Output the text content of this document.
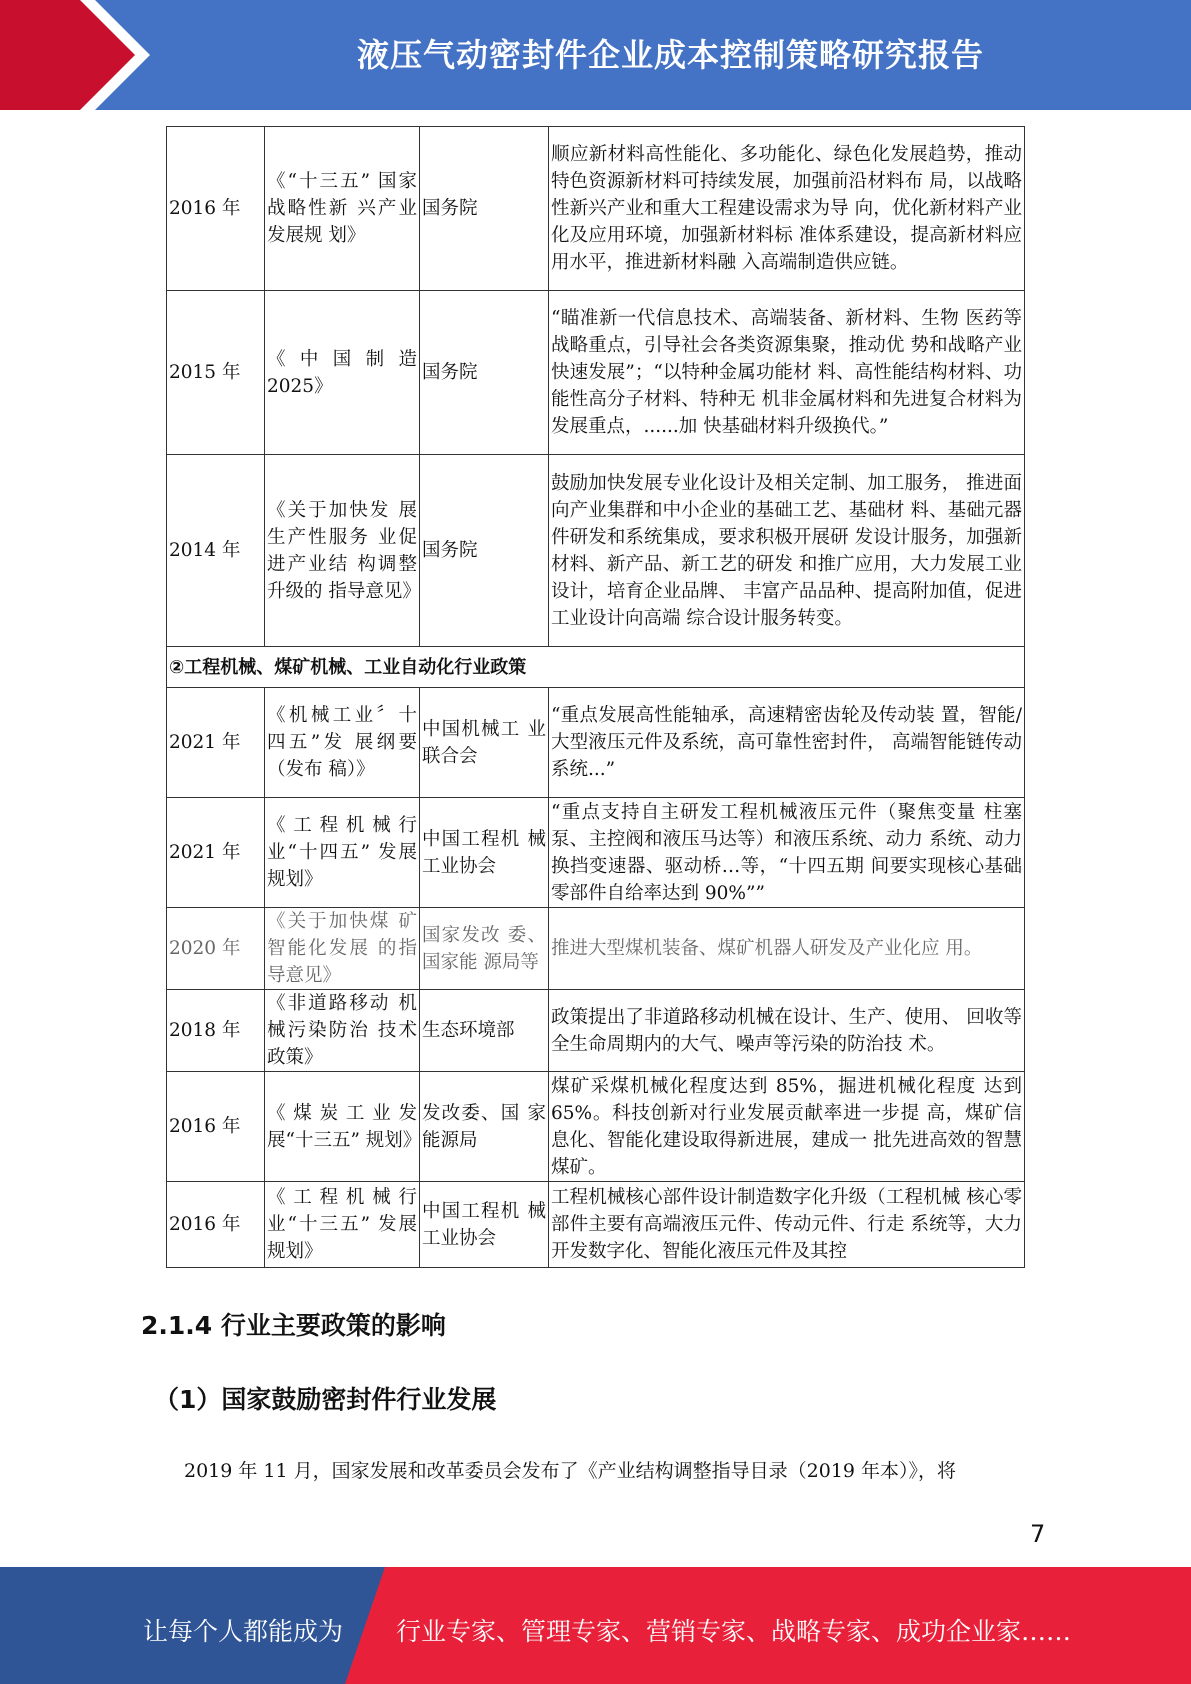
液压气动密封件企业成本控制策略研究报告
2016 年	《“十三五” 国家战略性新 兴产业发展规 划》	国务院	顺应新材料高性能化、多功能化、绿色化发展趋势，推动特色资源新材料可持续发展，加强前沿材料布 局，以战略性新兴产业和重大工程建设需求为导 向，优化新材料产业化及应用环境，加强新材料标 准体系建设，提高新材料应用水平，推进新材料融 入高端制造供应链。
2015 年	《中国制造 2025》	国务院	“瞄准新一代信息技术、高端装备、新材料、生物 医药等战略重点，引导社会各类资源集聚，推动优 势和战略产业快速发展”；“以特种金属功能材 料、高性能结构材料、功能性高分子材料、特种无 机非金属材料和先进复合材料为发展重点，......加 快基础材料升级换代。”
2014 年	《关于加快发 展生产性服务 业促进产业结 构调整升级的 指导意见》	国务院	鼓励加快发展专业化设计及相关定制、加工服务， 推进面向产业集群和中小企业的基础工艺、基础材 料、基础元器件研发和系统集成，要求积极开展研 发设计服务，加强新材料、新产品、新工艺的研发 和推广应用，大力发展工业设计，培育企业品牌、 丰富产品品种、提高附加值，促进工业设计向高端 综合设计服务转变。
②工程机械、煤矿机械、工业自动化行业政策			
2021 年	《机械工业〞十 四五”发 展纲要（发布 稿）》	中国机械工 业联合会	“重点发展高性能轴承，高速精密齿轮及传动装 置，智能/大型液压元件及系统，高可靠性密封件， 高端智能链传动系统...”
2021 年	《工程机械行 业“十四五” 发展规划》	中国工程机 械工业协会	“重点支持自主研发工程机械液压元件（聚焦变量 柱塞泵、主控阀和液压马达等）和液压系统、动力 系统、动力换挡变速器、驱动桥…等，“十四五期 间要实现核心基础零部件自给率达到 90%””
2020 年	《关于加快煤 矿智能化发展 的指导意见》	国家发改 委、国家能 源局等	推进大型煤机装备、煤矿机器人研发及产业化应 用。
2018 年	《非道路移动 机械污染防治 技术政策》	生态环境部	政策提出了非道路移动机械在设计、生产、使用、 回收等全生命周期内的大气、噪声等污染的防治技 术。
2016 年	《煤炭工业发 展“十三五” 规划》	发改委、国 家能源局	煤矿采煤机械化程度达到 85%，掘进机械化程度 达到 65%。科技创新对行业发展贡献率进一步提 高，煤矿信息化、智能化建设取得新进展，建成一 批先进高效的智慧煤矿。
2016 年	《工程机械行 业“十三五” 发展规划》	中国工程机 械工业协会	工程机械核心部件设计制造数字化升级（工程机械 核心零部件主要有高端液压元件、传动元件、行走 系统等，大力开发数字化、智能化液压元件及其控
2.1.4 行业主要政策的影响
（1）国家鼓励密封件行业发展
2019 年 11 月，国家发展和改革委员会发布了《产业结构调整指导目录（2019 年本）》，将
7
让每个人都能成为 行业专家、管理专家、营销专家、战略专家、成功企业家……
